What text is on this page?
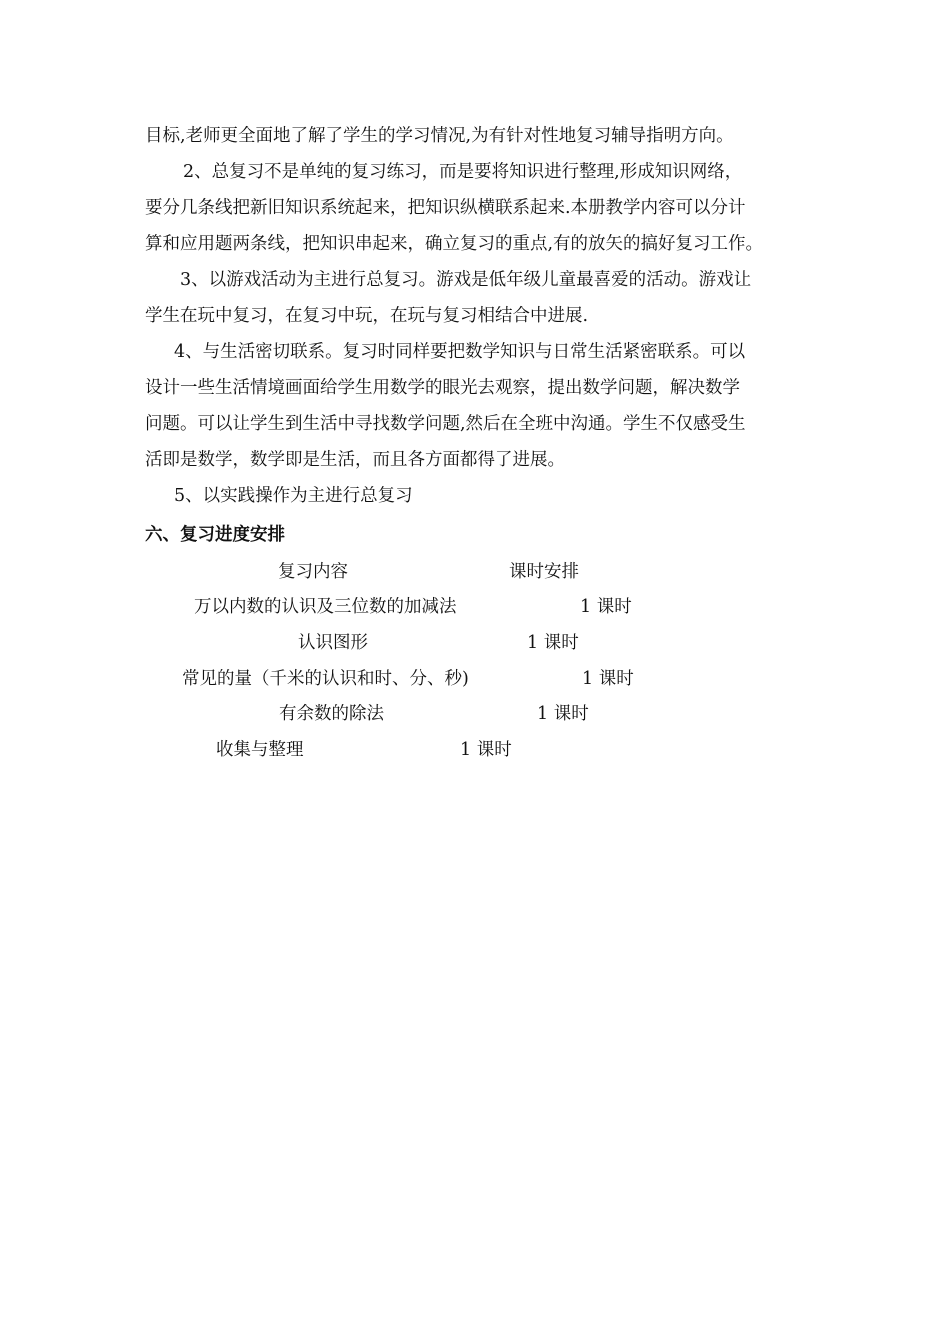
目标,老师更全面地了解了学生的学习情况,为有针对性地复习辅导指明方向。
2、总复习不是单纯的复习练习，而是要将知识进行整理,形成知识网络，
要分几条线把新旧知识系统起来，把知识纵横联系起来.本册教学内容可以分计
算和应用题两条线，把知识串起来，确立复习的重点,有的放矢的搞好复习工作。
3、以游戏活动为主进行总复习。游戏是低年级儿童最喜爱的活动。游戏让
学生在玩中复习，在复习中玩，在玩与复习相结合中进展.
4、与生活密切联系。复习时同样要把数学知识与日常生活紧密联系。可以
设计一些生活情境画面给学生用数学的眼光去观察，提出数学问题，解决数学
问题。可以让学生到生活中寻找数学问题,然后在全班中沟通。学生不仅感受生
活即是数学，数学即是生活，而且各方面都得了进展。
5、以实践操作为主进行总复习
六、复习进度安排
复习内容	课时安排
万以内数的认识及三位数的加减法	1 课时
认识图形	1 课时
常见的量（千米的认识和时、分、秒)	1 课时
有余数的除法	1 课时
收集与整理	1 课时
